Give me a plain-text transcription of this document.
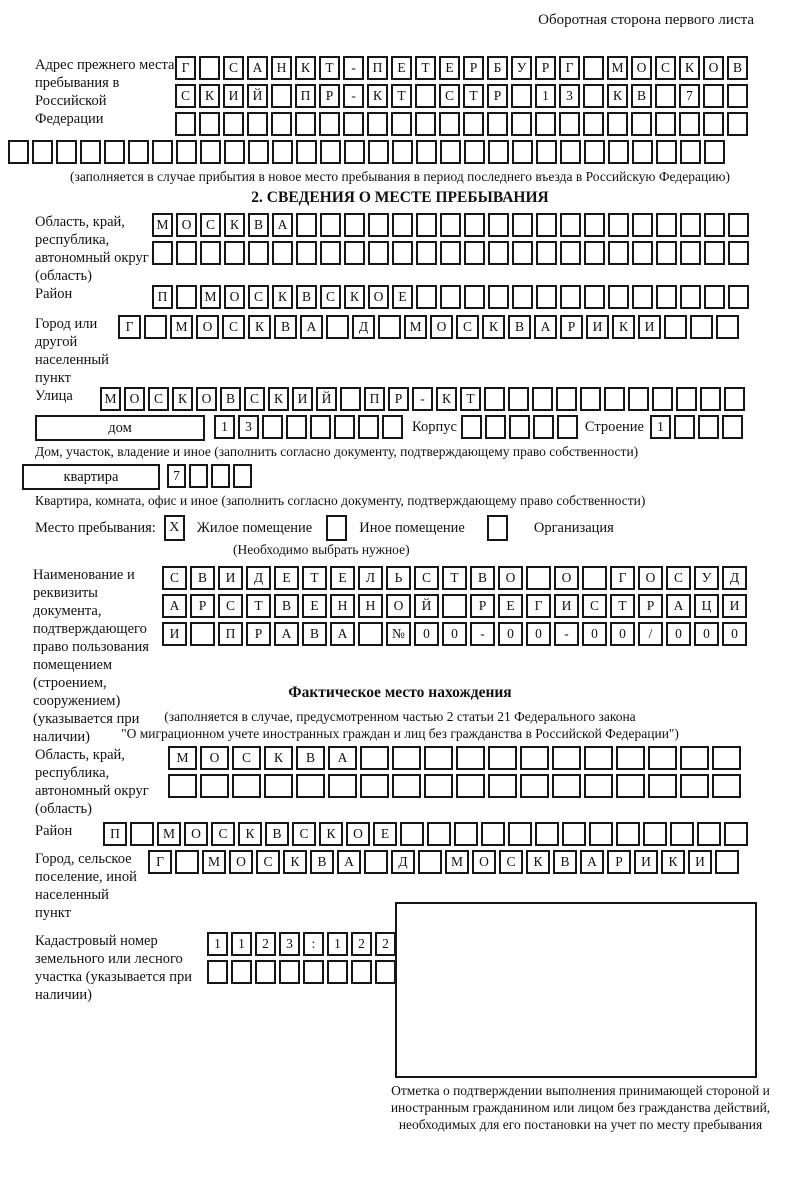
Оборотная сторона первого листа
Адрес прежнего места пребывания в Российской Федерации
Г	С	А	Н	К	Т	-	П	Е	Т	Е	Р	Б	У	Р	Г	М О	С	К	О	В
С	К	И	Й	П	Р	-	К	Т	С	Т	Р	1	3	К	В	7
(заполняется в случае прибытия в новое место пребывания в период последнего въезда в Российскую Федерацию)
2. СВЕДЕНИЯ О МЕСТЕ ПРЕБЫВАНИЯ
Область, край, республика, автономный округ (область)
М О	С	К	В	А
Район	П	М О	С	К	В	С	К	О	Е
Город или другой населенный пункт
Г	М	О	С	К	В	А	Д	М	О	С	К	В	А	Р	И	К	И
Улица	М О	С	К	О	В	С	К	И	Й	П	Р	-	К	Т
дом	1	3	Корпус	Строение 1
Дом, участок, владение и иное (заполнить согласно документу, подтверждающему право собственности)
квартира	7
Квартира, комната, офис и иное (заполнить согласно документу, подтверждающему право собственности)
Место пребывания: X	Жилое помещение	Иное помещение	Организация
(Необходимо выбрать нужное)
Наименование и реквизиты документа, подтверждающего право пользования помещением (строением, сооружением) (указывается при наличии)
С	В	И	Д	Е	Т	Е	Л	Ь	С	Т	В	О	О	Г	О	С	У	Д
А	Р	С	Т	В	Е	Н	Н	О	Й	Р	Е	Г	И	С	Т	Р	А	Ц	И
И	П	Р	А	В	А	№	0	0	-	0	0	-	0	0	/	0	0	0
Фактическое место нахождения
(заполняется в случае, предусмотренном частью 2 статьи 21 Федерального закона
"О миграционном учете иностранных граждан и лиц без гражданства в Российской Федерации")
Область, край, республика, автономный округ (область)
М	О	С	К	В	А
Район	П	М	О	С	К	В	С	К	О	Е
Город, сельское поселение, иной населенный пункт
Г	М	О	С	К	В	А	Д	М	О	С	К	В	А	Р	И	К	И
Кадастровый номер земельного или лесного участка (указывается при наличии)
1	1	2	3	:	1	2	2
Отметка о подтверждении выполнения принимающей стороной и иностранным гражданином или лицом без гражданства действий, необходимых для его постановки на учет по месту пребывания
